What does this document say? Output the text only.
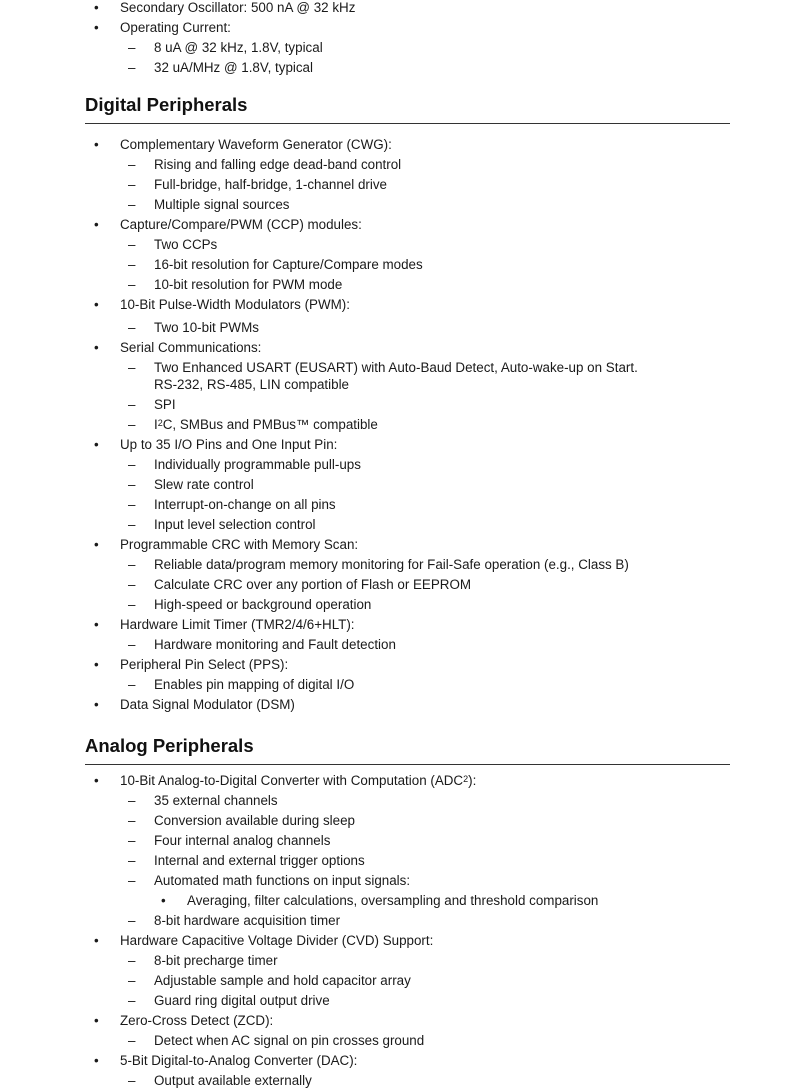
• Secondary Oscillator: 500 nA @ 32 kHz
• Operating Current:
– 8 uA @ 32 kHz, 1.8V, typical
– 32 uA/MHz @ 1.8V, typical
Digital Peripherals
• Complementary Waveform Generator (CWG):
– Rising and falling edge dead-band control
– Full-bridge, half-bridge, 1-channel drive
– Multiple signal sources
• Capture/Compare/PWM (CCP) modules:
– Two CCPs
– 16-bit resolution for Capture/Compare modes
– 10-bit resolution for PWM mode
• 10-Bit Pulse-Width Modulators (PWM):
– Two 10-bit PWMs
• Serial Communications:
– Two Enhanced USART (EUSART) with Auto-Baud Detect, Auto-wake-up on Start.
RS-232, RS-485, LIN compatible
– SPI
– $I^2C$, SMBus and PMBus™ compatible
• Up to 35 I/O Pins and One Input Pin:
– Individually programmable pull-ups
– Slew rate control
– Interrupt-on-change on all pins
– Input level selection control
• Programmable CRC with Memory Scan:
– Reliable data/program memory monitoring for Fail-Safe operation (e.g., Class B)
– Calculate CRC over any portion of Flash or EEPROM
– High-speed or background operation
• Hardware Limit Timer (TMR2/4/6+HLT):
– Hardware monitoring and Fault detection
• Peripheral Pin Select (PPS):
– Enables pin mapping of digital I/O
• Data Signal Modulator (DSM)
Analog Peripherals
• 10-Bit Analog-to-Digital Converter with Computation (ADC$^2$):
– 35 external channels
– Conversion available during sleep
– Four internal analog channels
– Internal and external trigger options
– Automated math functions on input signals:
• Averaging, filter calculations, oversampling and threshold comparison
– 8-bit hardware acquisition timer
• Hardware Capacitive Voltage Divider (CVD) Support:
– 8-bit precharge timer
– Adjustable sample and hold capacitor array
– Guard ring digital output drive
• Zero-Cross Detect (ZCD):
– Detect when AC signal on pin crosses ground
• 5-Bit Digital-to-Analog Converter (DAC):
– Output available externally
